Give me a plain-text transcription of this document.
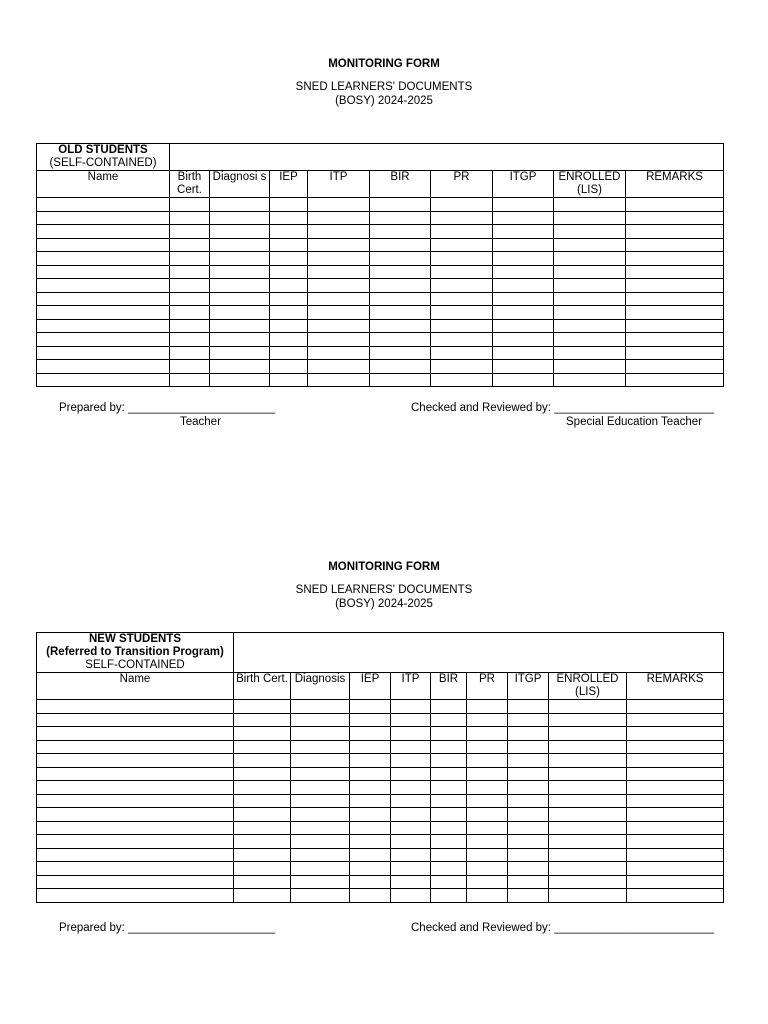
MONITORING FORM
SNED LEARNERS' DOCUMENTS
(BOSY) 2024-2025
OLD STUDENTS
(SELF-CONTAINED)									

Name	Birth Cert.	Diagnosi s	IEP	ITP	BIR	PR	ITGP	ENROLLED (LIS)	REMARKS

Prepared by: _______________________
Teacher
Checked and Reviewed by: _________________________
Special Education Teacher
MONITORING FORM
SNED LEARNERS' DOCUMENTS
(BOSY) 2024-2025
NEW STUDENTS
(Referred to Transition Program)
SELF-CONTAINED									

Name	Birth Cert.	Diagnosis	IEP	ITP	BIR	PR	ITGP	ENROLLED (LIS)	REMARKS

Prepared by: _______________________	Checked and Reviewed by: _________________________
